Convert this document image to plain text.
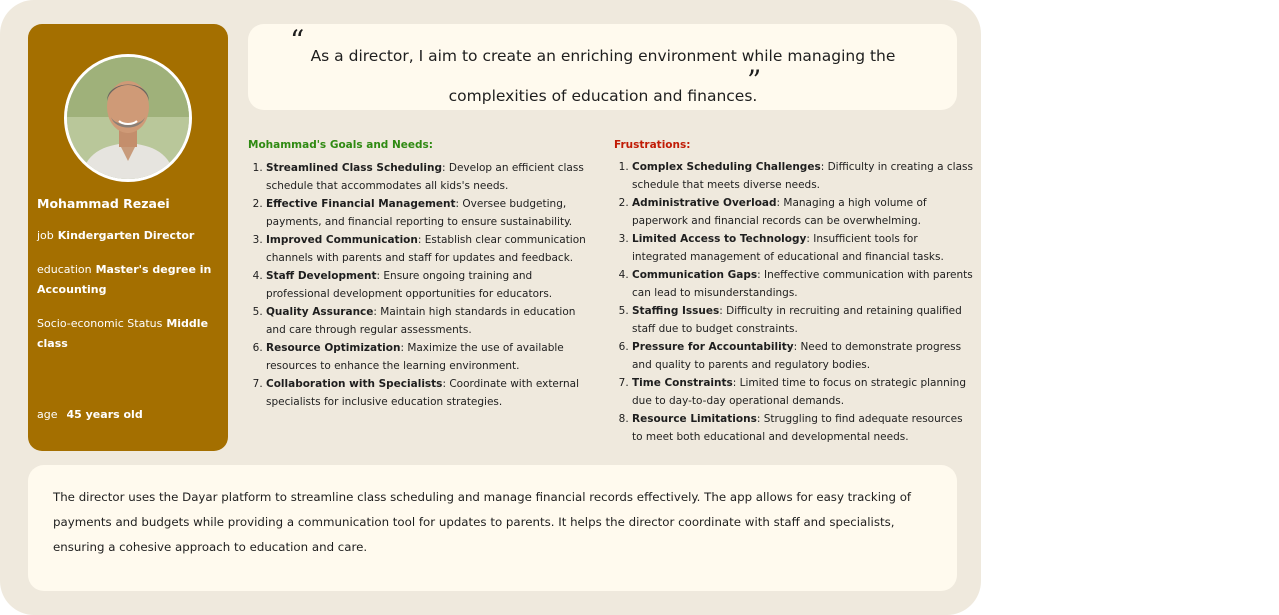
Mohammad Rezaei
job Kindergarten Director
education Master's degree in Accounting
Socio-economic Status Middle class
age 45 years old
“ As a director, I aim to create an enriching environment while managing the complexities of education and finances.
”
Mohammad's Goals and Needs:
1. Streamlined Class Scheduling: Develop an efficient class schedule that accommodates all kids's needs.
2. Effective Financial Management: Oversee budgeting, payments, and financial reporting to ensure sustainability.
3. Improved Communication: Establish clear communication channels with parents and staff for updates and feedback.
4. Staff Development: Ensure ongoing training and professional development opportunities for educators.
5. Quality Assurance: Maintain high standards in education and care through regular assessments.
6. Resource Optimization: Maximize the use of available resources to enhance the learning environment.
7. Collaboration with Specialists: Coordinate with external specialists for inclusive education strategies.
Frustrations:
1. Complex Scheduling Challenges: Difficulty in creating a class schedule that meets diverse needs.
2. Administrative Overload: Managing a high volume of paperwork and financial records can be overwhelming.
3. Limited Access to Technology: Insufficient tools for integrated management of educational and financial tasks.
4. Communication Gaps: Ineffective communication with parents can lead to misunderstandings.
5. Staffing Issues: Difficulty in recruiting and retaining qualified staff due to budget constraints.
6. Pressure for Accountability: Need to demonstrate progress and quality to parents and regulatory bodies.
7. Time Constraints: Limited time to focus on strategic planning due to day-to-day operational demands.
8. Resource Limitations: Struggling to find adequate resources to meet both educational and developmental needs.
The director uses the Dayar platform to streamline class scheduling and manage financial records effectively. The app allows for easy tracking of payments and budgets while providing a communication tool for updates to parents. It helps the director coordinate with staff and specialists, ensuring a cohesive approach to education and care.
